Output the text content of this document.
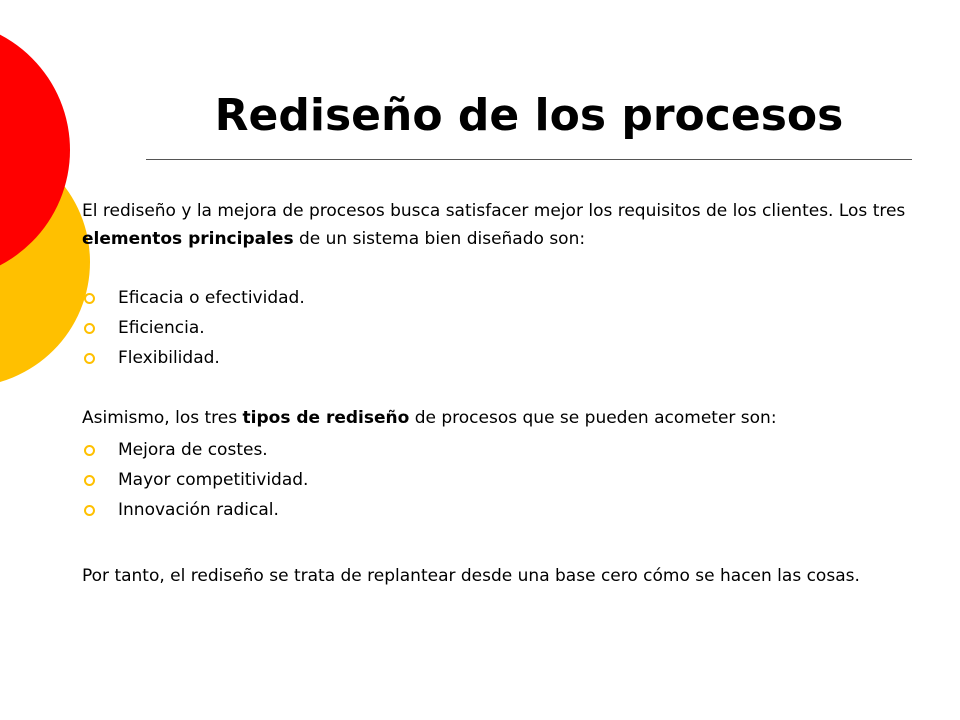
Rediseño de los procesos

El rediseño y la mejora de procesos busca satisfacer mejor los requisitos de los clientes. Los tres elementos principales de un sistema bien diseñado son:

Eficacia o efectividad.
Eficiencia.
Flexibilidad.

Asimismo, los tres tipos de rediseño de procesos que se pueden acometer son:

Mejora de costes.
Mayor competitividad.
Innovación radical.

Por tanto, el rediseño se trata de replantear desde una base cero cómo se hacen las cosas.
